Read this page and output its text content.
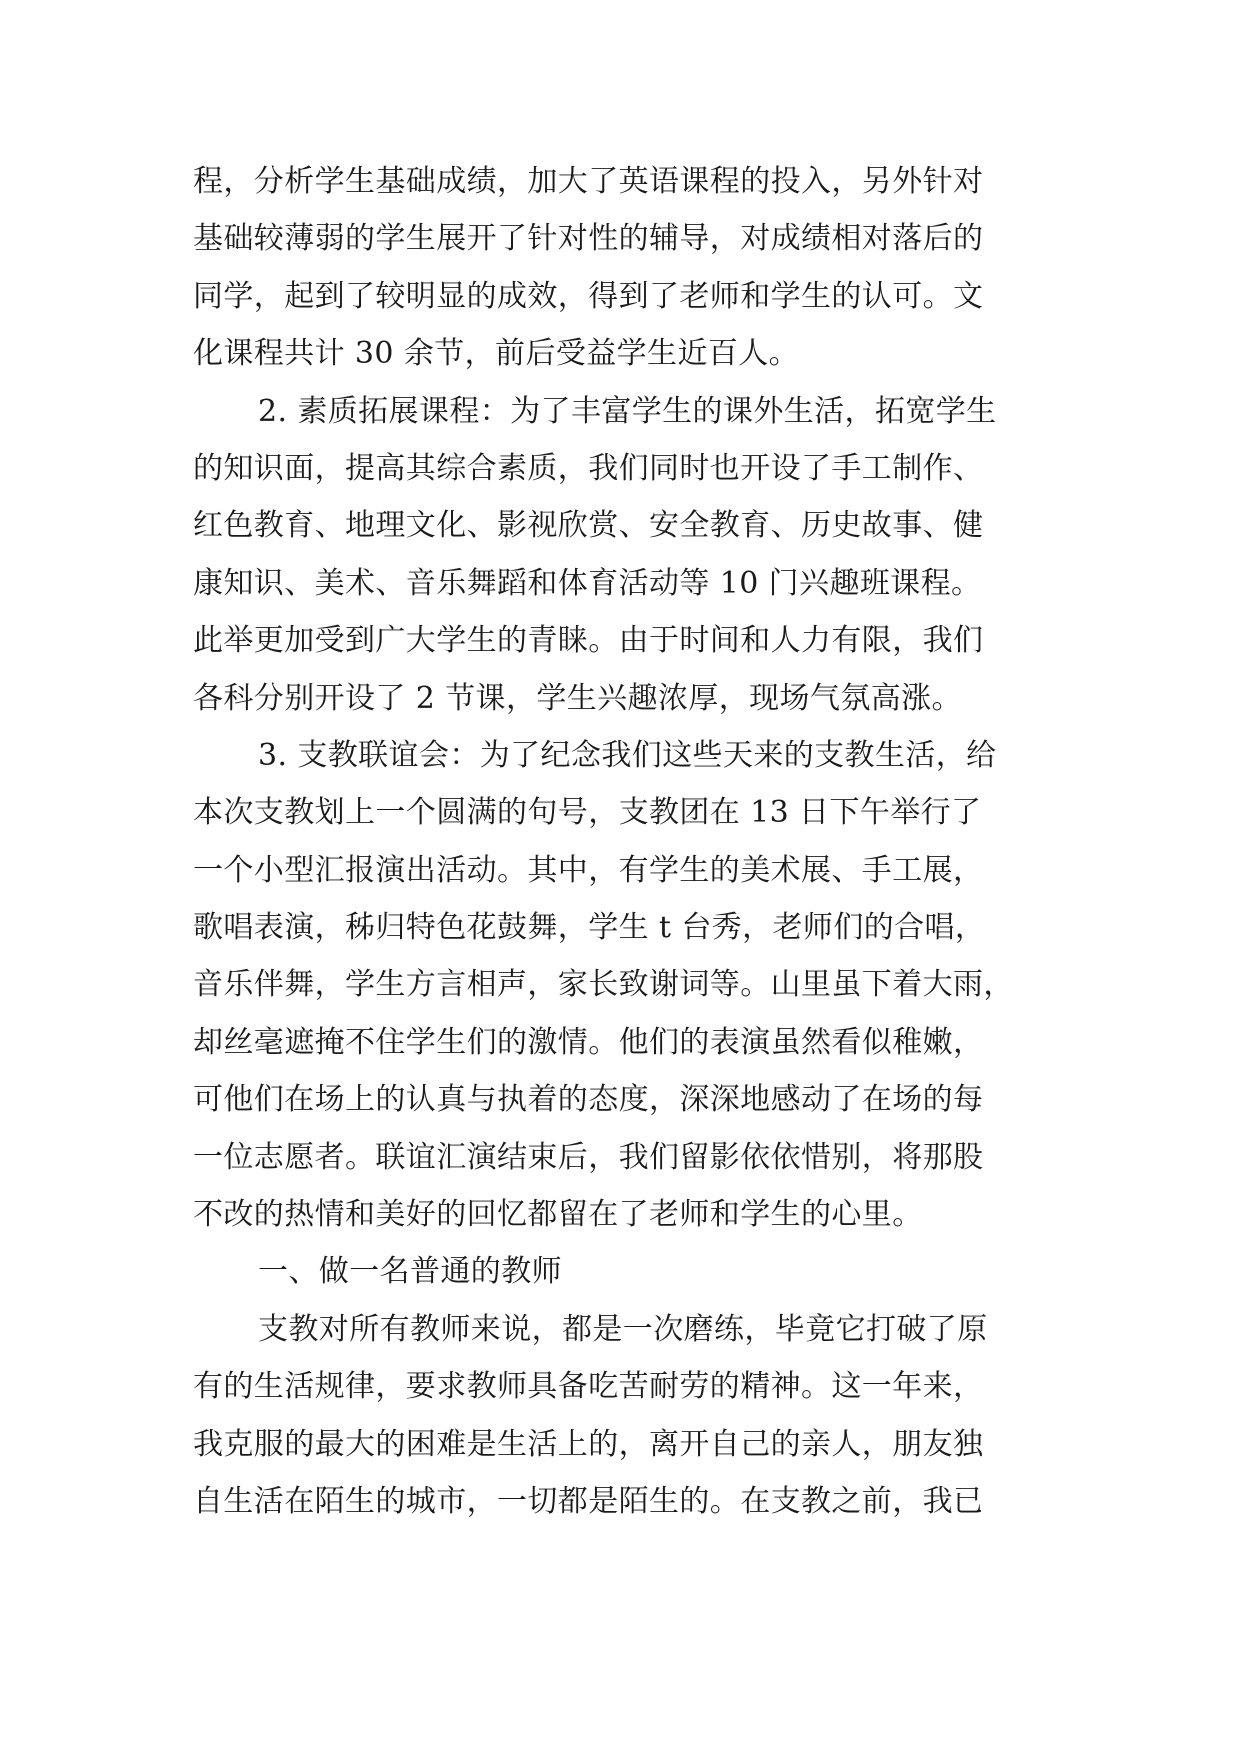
程，分析学生基础成绩，加大了英语课程的投入，另外针对
基础较薄弱的学生展开了针对性的辅导，对成绩相对落后的
同学，起到了较明显的成效，得到了老师和学生的认可。文
化课程共计 30 余节，前后受益学生近百人。
2. 素质拓展课程：为了丰富学生的课外生活，拓宽学生
的知识面，提高其综合素质，我们同时也开设了手工制作、
红色教育、地理文化、影视欣赏、安全教育、历史故事、健
康知识、美术、音乐舞蹈和体育活动等 10 门兴趣班课程。
此举更加受到广大学生的青睐。由于时间和人力有限，我们
各科分别开设了 2 节课，学生兴趣浓厚，现场气氛高涨。
3. 支教联谊会：为了纪念我们这些天来的支教生活，给
本次支教划上一个圆满的句号，支教团在 13 日下午举行了
一个小型汇报演出活动。其中，有学生的美术展、手工展，
歌唱表演，秭归特色花鼓舞，学生 t 台秀，老师们的合唱，
音乐伴舞，学生方言相声，家长致谢词等。山里虽下着大雨，
却丝毫遮掩不住学生们的激情。他们的表演虽然看似稚嫩，
可他们在场上的认真与执着的态度，深深地感动了在场的每
一位志愿者。联谊汇演结束后，我们留影依依惜别，将那股
不改的热情和美好的回忆都留在了老师和学生的心里。
一、做一名普通的教师
支教对所有教师来说，都是一次磨练，毕竟它打破了原
有的生活规律，要求教师具备吃苦耐劳的精神。这一年来，
我克服的最大的困难是生活上的，离开自己的亲人，朋友独
自生活在陌生的城市，一切都是陌生的。在支教之前，我已
